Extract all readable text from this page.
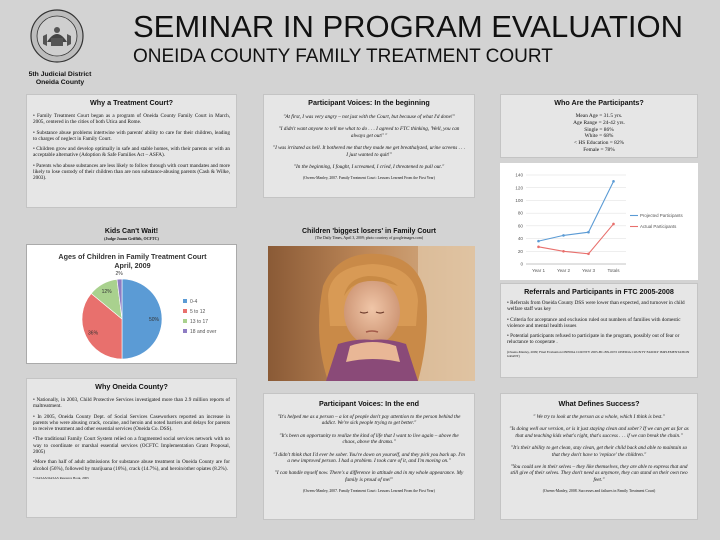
5th Judicial District
Oneida County
SEMINAR IN PROGRAM EVALUATION
ONEIDA COUNTY FAMILY TREATMENT COURT
Why a Treatment Court?
• Family Treatment Court began as a program of Oneida County Family Court in March, 2005, centered in the cities of both Utica and Rome.
• Substance abuse problems intertwine with parents' ability to care for their children, leading to charges of neglect in Family Court.
• Children grow and develop optimally in safe and stable homes, with their parents or with an acceptable alternative (Adoption & Safe Families Act – ASFA).
• Parents who abuse substances are less likely to follow through with court mandates and more likely to lose custody of their children than are non substance-abusing parents (Cash & Wilke, 2003).
Kids Can't Wait!
(Judge Joann Griffith, OCFTC)
Ages of Children in Family Treatment Court
April, 2009
50%
0-4
36%
5 to 12
12%
13 to 17
2%
18 and over
Why Oneida County?
• Nationally, in 2003, Child Protective Services investigated more than 2.9 million reports of maltreatment.
• In 2005, Oneida County Dept. of Social Services Caseworkers reported an increase in parents who were abusing crack, cocaine, and heroin and noted barriers and delays for parents to receive treatment and other essential services (Oneida Co. DSS).
•The traditional Family Court System relied on a fragmented social services network with no way to coordinate or marshal essential services (OCFTC Implementation Grant Proposal, 2005)
•More than half of adult admissions for substance abuse treatment in Oneida County are for alcohol (56%), followed by marijuana (16%), crack (14.7%), and heroin/other opiates (8.2%).
* OASAS/OASAS Resource Book, 2005
Participant Voices: In the beginning
"At first, I was very angry – not just with the Court, but because of what I'd done!"
"I didn't want anyone to tell me what to do . . . I agreed to FTC thinking, 'Well, you can always get out!' "
"I was irritated as hell. It bothered me that they made me get breathalyzed, urine screens . . . I just wanted to quit!"
"In the beginning, I fought, I screamed, I cried, I threatened to pull out."
(Owens-Manley, 2007. Family Treatment Court: Lessons Learned From the First Year)
Children 'biggest losers' in Family Court
(The Daily Times, April 3, 2009; photo courtesy of googleimages.com)
Participant Voices: In the end
"It's helped me as a person – a lot of people don't pay attention to the person behind the addict. We're sick people trying to get better."
"It's been an opportunity to realize the kind of life that I want to live again – above the chaos, above the drama."
"I didn't think that I'd ever be sober. You're down on yourself, and they pick you back up. I'm a new improved person. I had a problem. I took care of it, and I'm moving on."
"I can handle myself now. There's a difference in attitude and in my whole appearance. My family is proud of me!"
(Owens-Manley, 2007. Family Treatment Court: Lessons Learned From the First Year)
Who Are the Participants?
Mean Age = 31.5 yrs.
Age Range = 24-42 yrs.
Single = 86%
White = 68%
< HS Education = 82%
Female = 78%
0
20
40
60
80
100
120
140
Year 1	Year 2	Year 3	Totals
Projected Participants
Actual Participants
Referrals and Participants in FTC 2005-2008
• Referrals from Oneida County DSS were lower than expected, and turnover in child welfare staff was key
• Criteria for acceptance and exclusion ruled out numbers of families with domestic violence and mental health issues
• Potential participants refused to participate in the program, possibly out of fear or reluctance to cooperate .
(Owens-Manley, 2009; Final Evaluation ONEIDA COUNTY 2005-BC-BX-0072 ONEIDA COUNTY FAMILY IMPLEMENTATION GRANT)
What Defines Success?
" We try to look at the person as a whole, which I think is best."
"Is doing well our version, or is it just staying clean and sober? If we can get as far as that and teaching kids what's right, that's success . . . if we can break the chain."
"It's their ability to get clean, stay clean, get their child back and able to maintain so that they don't have to 'replace' the children."
"You could see in their selves – they like themselves, they are able to express that and still give of their selves. They don't need as anymore, they can stand on their own two feet."
(Owens-Manley, 2008. Successes and failures in Family Treatment Court)
